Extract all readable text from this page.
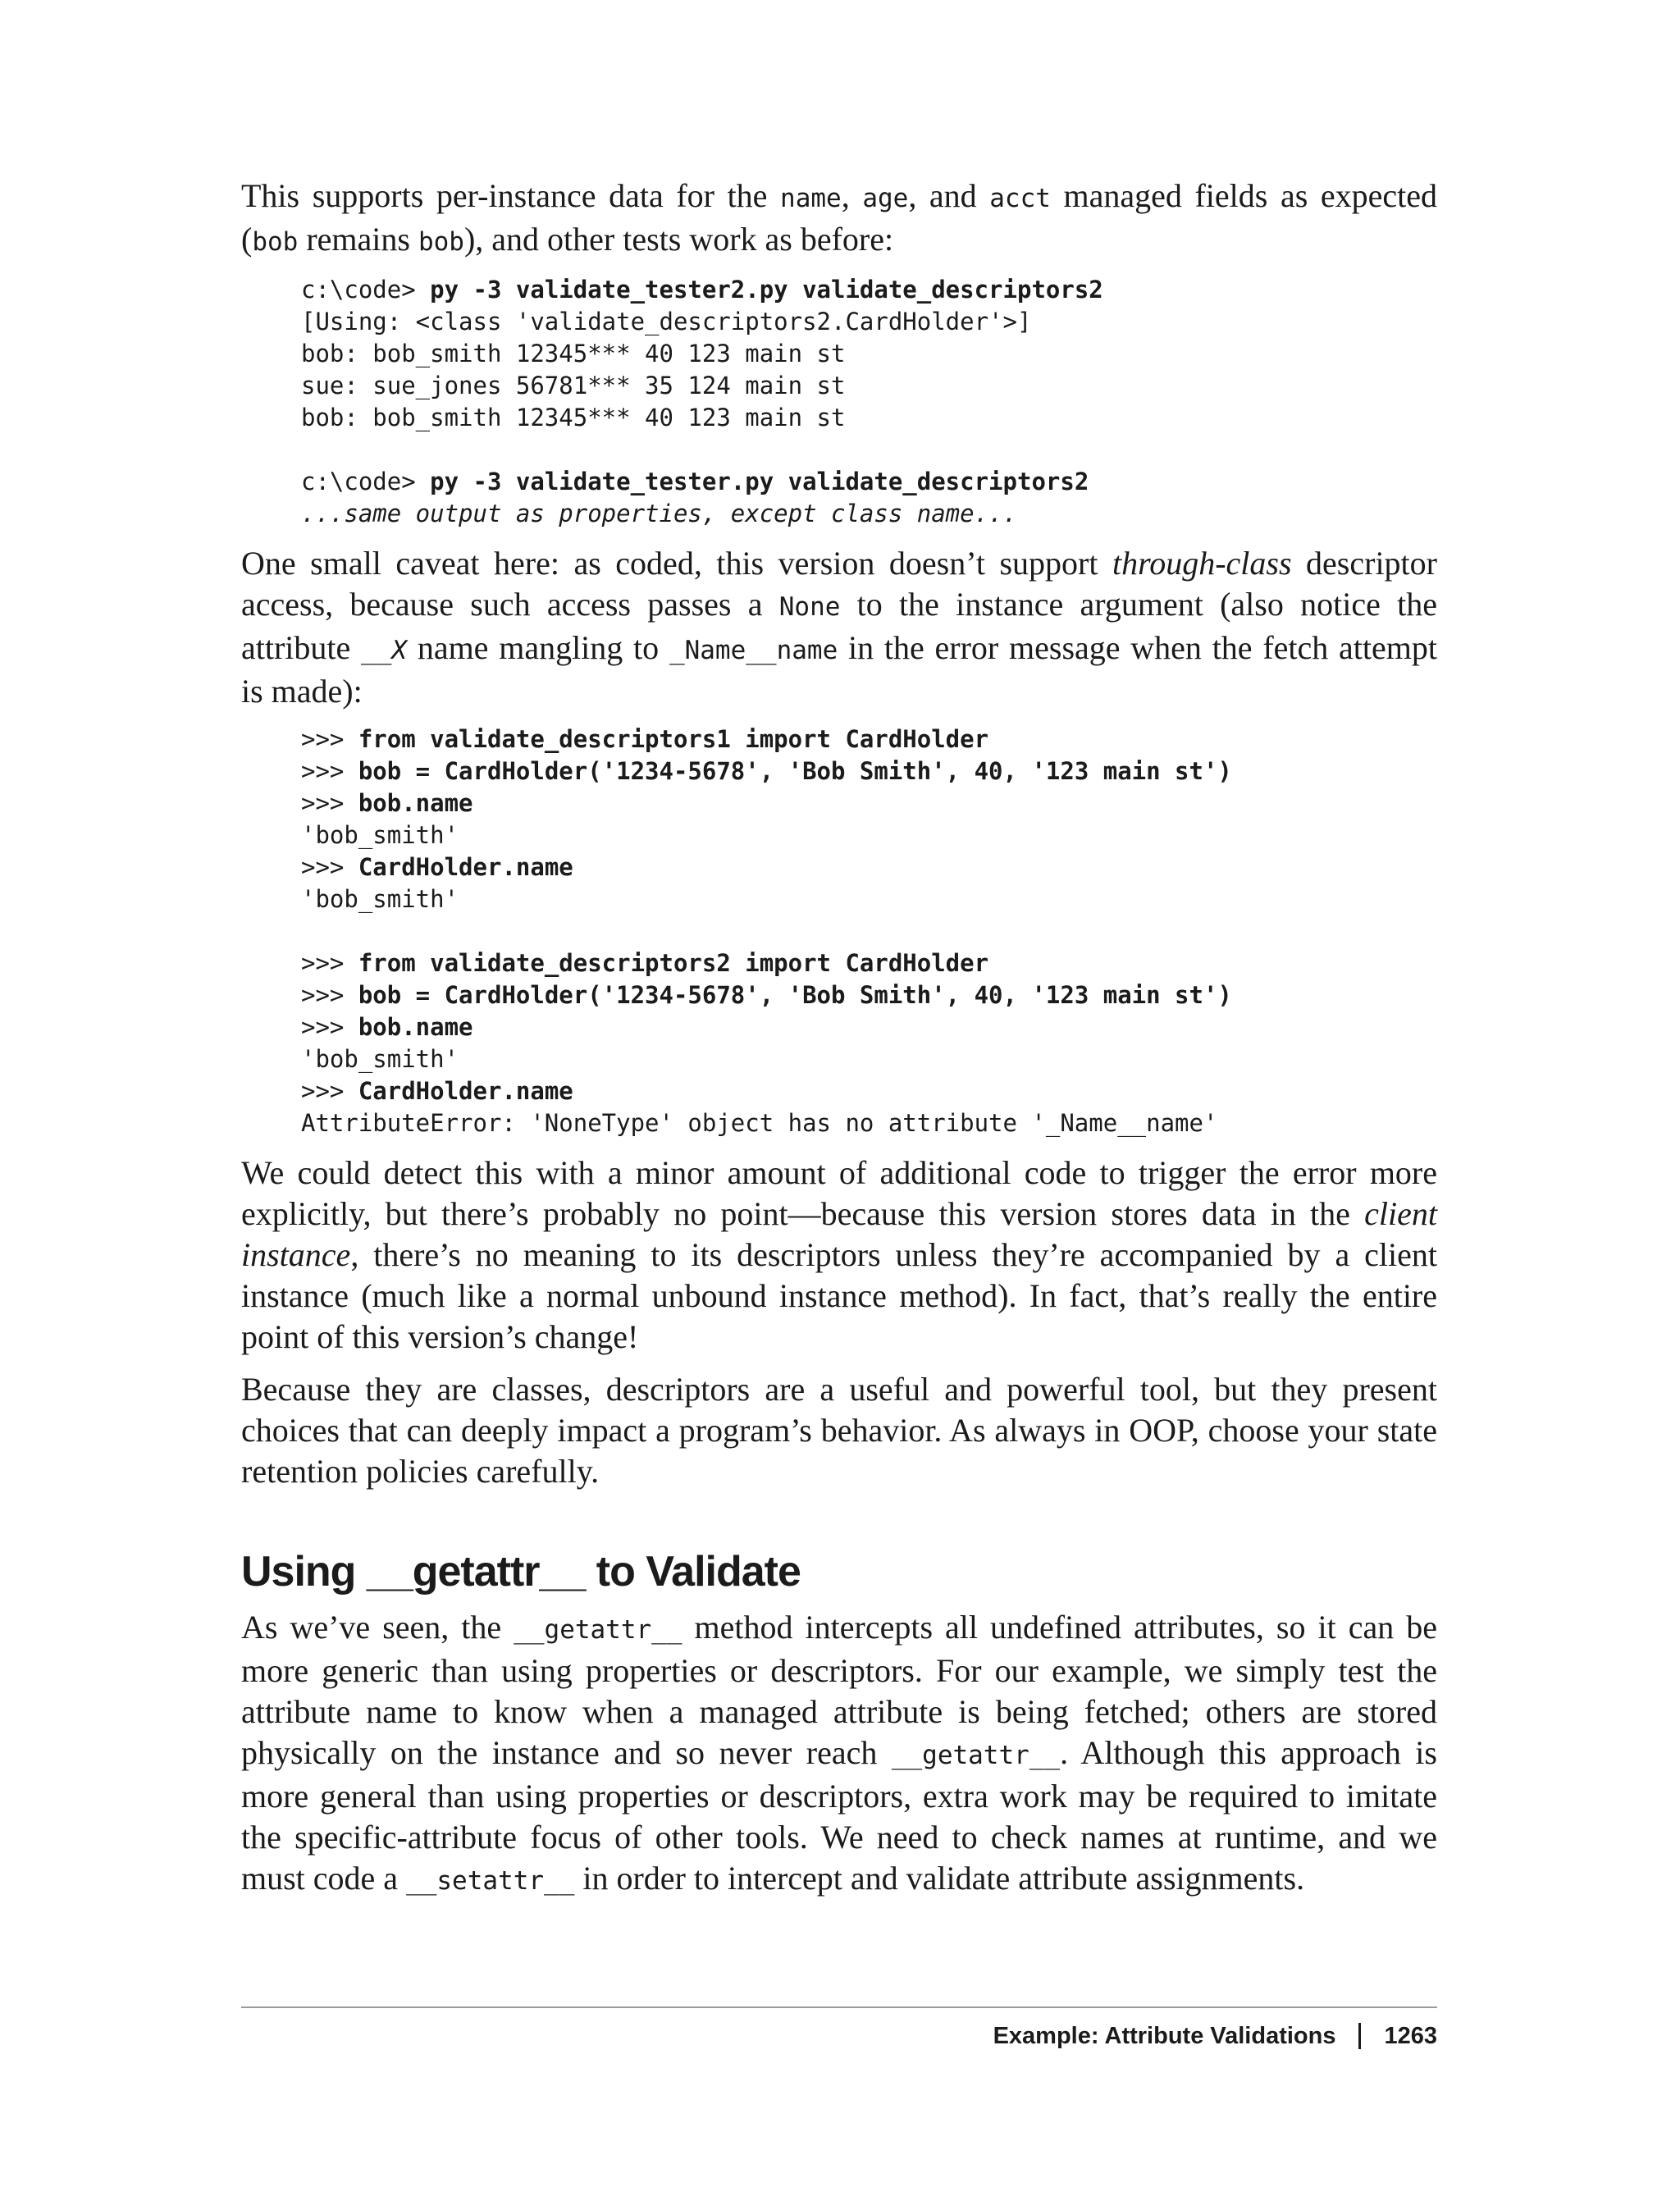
This supports per-instance data for the name, age, and acct managed fields as expected (bob remains bob), and other tests work as before:

c:\code> py -3 validate_tester2.py validate_descriptors2
[Using: <class 'validate_descriptors2.CardHolder'>]
bob: bob_smith 12345*** 40 123 main st
sue: sue_jones 56781*** 35 124 main st
bob: bob_smith 12345*** 40 123 main st
c:\code> py -3 validate_tester.py validate_descriptors2
...same output as properties, except class name...

One small caveat here: as coded, this version doesn’t support through-class descriptor access, because such access passes a None to the instance argument (also notice the attribute __X name mangling to _Name__name in the error message when the fetch attempt is made):

>>> from validate_descriptors1 import CardHolder
>>> bob = CardHolder('1234-5678', 'Bob Smith', 40, '123 main st')
>>> bob.name
'bob_smith'
>>> CardHolder.name
'bob_smith'
>>> from validate_descriptors2 import CardHolder
>>> bob = CardHolder('1234-5678', 'Bob Smith', 40, '123 main st')
>>> bob.name
'bob_smith'
>>> CardHolder.name
AttributeError: 'NoneType' object has no attribute '_Name__name'

We could detect this with a minor amount of additional code to trigger the error more explicitly, but there’s probably no point—because this version stores data in the client instance, there’s no meaning to its descriptors unless they’re accompanied by a client instance (much like a normal unbound instance method). In fact, that’s really the entire point of this version’s change!

Because they are classes, descriptors are a useful and powerful tool, but they present choices that can deeply impact a program’s behavior. As always in OOP, choose your state retention policies carefully.

Using __getattr__ to Validate

As we’ve seen, the __getattr__ method intercepts all undefined attributes, so it can be more generic than using properties or descriptors. For our example, we simply test the attribute name to know when a managed attribute is being fetched; others are stored physically on the instance and so never reach __getattr__. Although this approach is more general than using properties or descriptors, extra work may be required to imitate the specific-attribute focus of other tools. We need to check names at runtime, and we must code a __setattr__ in order to intercept and validate attribute assignments.

Example: Attribute Validations 1263
